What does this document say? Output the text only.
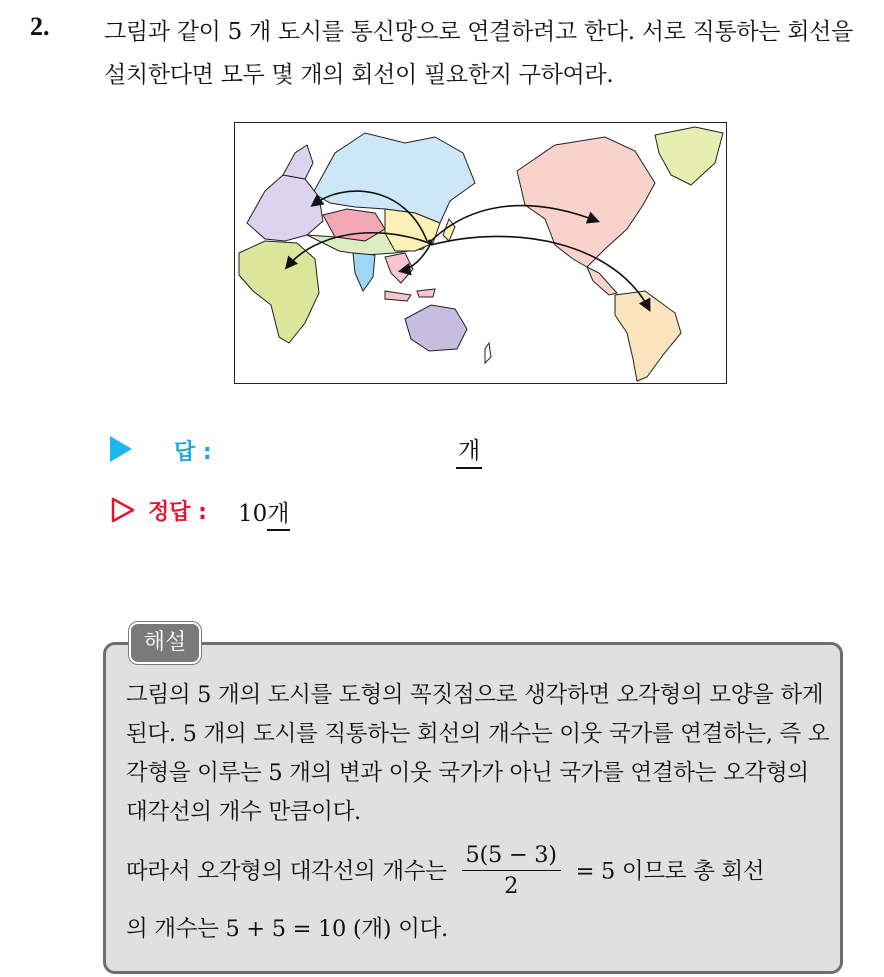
2. 그림과 같이 5 개 도시를 통신망으로 연결하려고 한다. 서로 직통하는 회선을 설치한다면 모두 몇 개의 회선이 필요한지 구하여라.
답 :	개
정답 : 10개
해설
그림의 5 개의 도시를 도형의 꼭짓점으로 생각하면 오각형의 모양을 하게 된다. 5 개의 도시를 직통하는 회선의 개수는 이웃 국가를 연결하는, 즉 오각형을 이루는 5 개의 변과 이웃 국가가 아닌 국가를 연결하는 오각형의 대각선의 개수 만큼이다.
따라서 오각형의 대각선의 개수는 $\frac{5(5 - 3)}{2} = 5$ 이므로 총 회선
의 개수는 5 + 5 = 10 (개) 이다.
